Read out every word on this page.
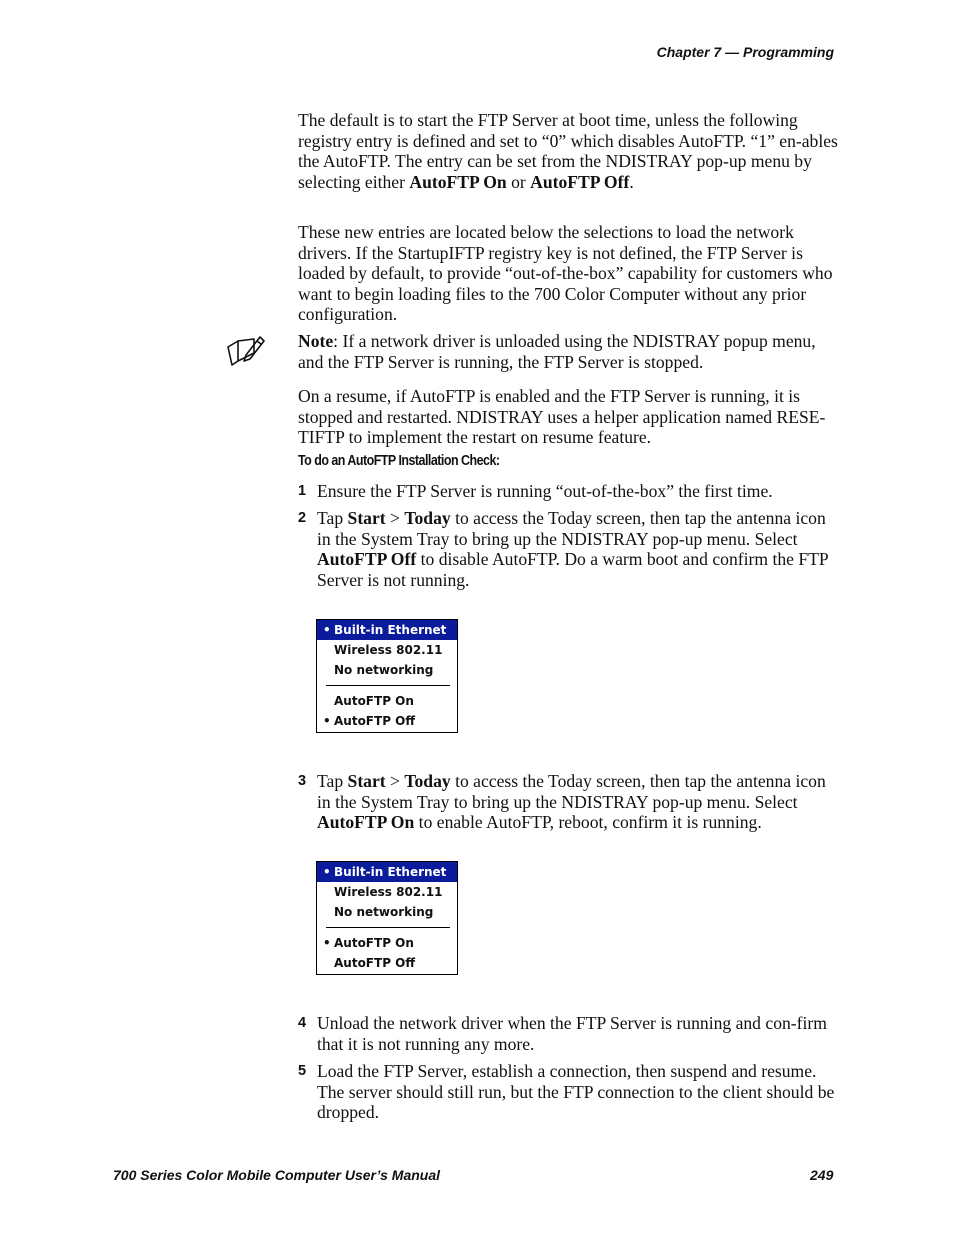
Chapter 7 — Programming

The default is to start the FTP Server at boot time, unless the following registry entry is defined and set to “0” which disables AutoFTP. “1” en-ables the AutoFTP. The entry can be set from the NDISTRAY pop-up menu by selecting either AutoFTP On or AutoFTP Off.

These new entries are located below the selections to load the network drivers. If the StartupIFTP registry key is not defined, the FTP Server is loaded by default, to provide “out-of-the-box” capability for customers who want to begin loading files to the 700 Color Computer without any prior configuration.

Note: If a network driver is unloaded using the NDISTRAY popup menu, and the FTP Server is running, the FTP Server is stopped.

On a resume, if AutoFTP is enabled and the FTP Server is running, it is stopped and restarted. NDISTRAY uses a helper application named RESE-TIFTP to implement the restart on resume feature.

To do an AutoFTP Installation Check:
1 Ensure the FTP Server is running “out-of-the-box” the first time.
2 Tap Start > Today to access the Today screen, then tap the antenna icon in the System Tray to bring up the NDISTRAY pop-up menu. Select AutoFTP Off to disable AutoFTP. Do a warm boot and confirm the FTP Server is not running.
• Built-in Ethernet
Wireless 802.11
No networking
AutoFTP On
• AutoFTP Off
3 Tap Start > Today to access the Today screen, then tap the antenna icon in the System Tray to bring up the NDISTRAY pop-up menu. Select AutoFTP On to enable AutoFTP, reboot, confirm it is running.
• Built-in Ethernet
Wireless 802.11
No networking
• AutoFTP On
AutoFTP Off
4 Unload the network driver when the FTP Server is running and con-firm that it is not running any more.
5 Load the FTP Server, establish a connection, then suspend and resume. The server should still run, but the FTP connection to the client should be dropped.
700 Series Color Mobile Computer User’s Manual	249
